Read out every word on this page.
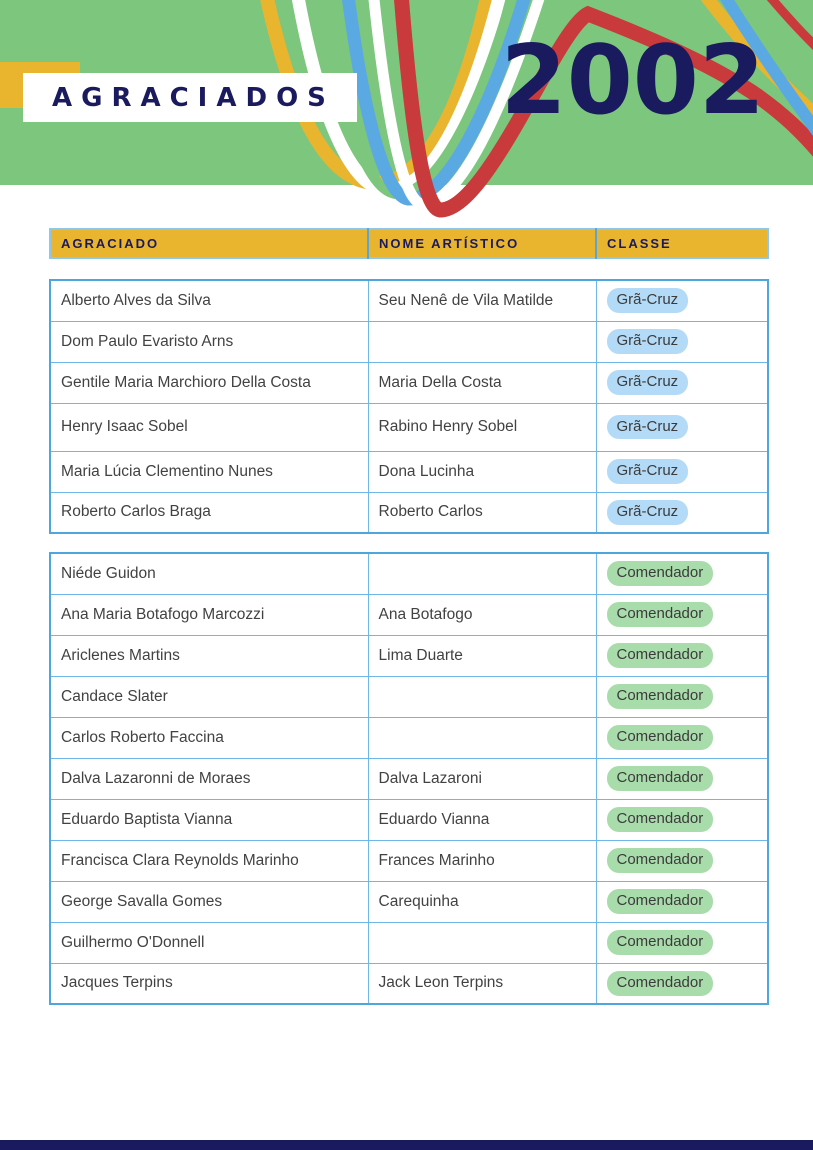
AGRACIADOS 2002
AGRACIADO	NOME ARTÍSTICO	CLASSE
Alberto Alves da Silva	Seu Nenê de Vila Matilde	Grã-Cruz
Dom Paulo Evaristo Arns		Grã-Cruz
Gentile Maria Marchioro Della Costa	Maria Della Costa	Grã-Cruz
Henry Isaac Sobel	Rabino Henry Sobel	Grã-Cruz
Maria Lúcia Clementino Nunes	Dona Lucinha	Grã-Cruz
Roberto Carlos Braga	Roberto Carlos	Grã-Cruz
Niéde Guidon		Comendador
Ana Maria Botafogo Marcozzi	Ana Botafogo	Comendador
Ariclenes Martins	Lima Duarte	Comendador
Candace Slater		Comendador
Carlos Roberto Faccina		Comendador
Dalva Lazaronni de Moraes	Dalva Lazaroni	Comendador
Eduardo Baptista Vianna	Eduardo Vianna	Comendador
Francisca Clara Reynolds Marinho	Frances Marinho	Comendador
George Savalla Gomes	Carequinha	Comendador
Guilhermo O'Donnell		Comendador
Jacques Terpins	Jack Leon Terpins	Comendador
